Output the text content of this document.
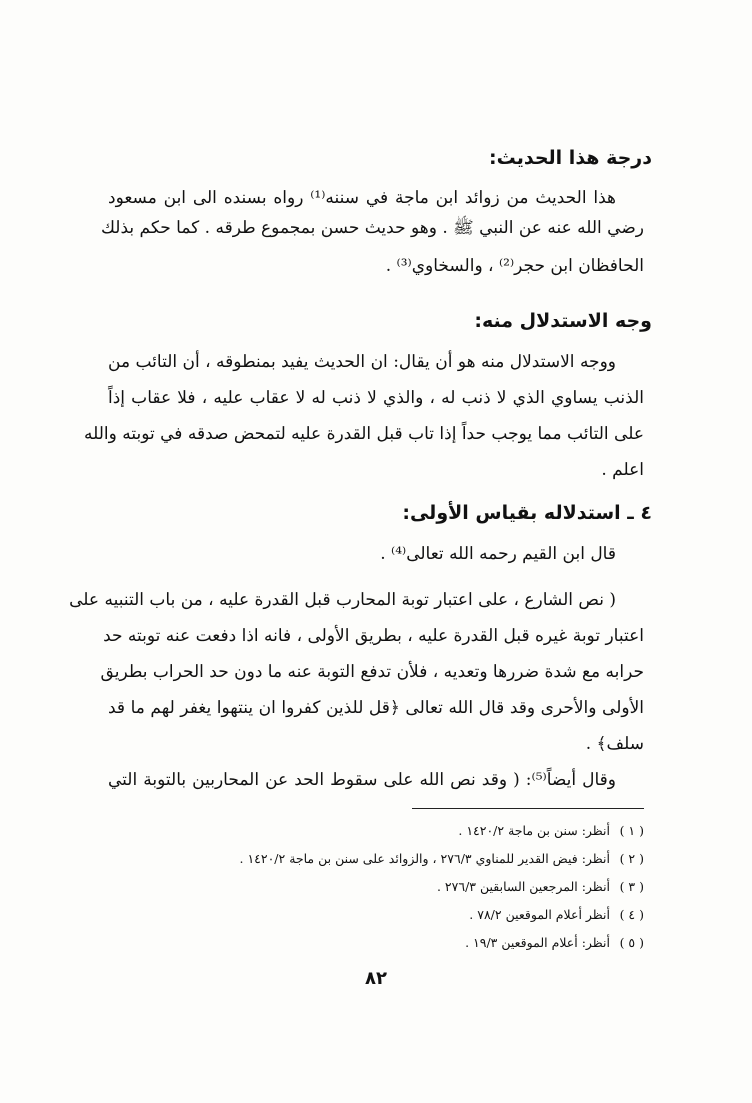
درجة هذا الحديث:
هذا الحديث من زوائد ابن ماجة في سننه⁽¹⁾ رواه بسنده الى ابن مسعود
رضي الله عنه عن النبي ﷺ . وهو حديث حسن بمجموع طرقه . كما حكم بذلك
الحافظان ابن حجر⁽²⁾ ، والسخاوي⁽³⁾ .
وجه الاستدلال منه:
ووجه الاستدلال منه هو أن يقال: ان الحديث يفيد بمنطوقه ، أن التائب من
الذنب يساوي الذي لا ذنب له ، والذي لا ذنب له لا عقاب عليه ، فلا عقاب إذاً
على التائب مما يوجب حداً إذا تاب قبل القدرة عليه لتمحض صدقه في توبته والله
اعلم .
٤ ـ استدلاله بقياس الأولى:
قال ابن القيم رحمه الله تعالى⁽⁴⁾ .
( نص الشارع ، على اعتبار توبة المحارب قبل القدرة عليه ، من باب التنبيه على
اعتبار توبة غيره قبل القدرة عليه ، بطريق الأولى ، فانه اذا دفعت عنه توبته حد
حرابه مع شدة ضررها وتعديه ، فلأن تدفع التوبة عنه ما دون حد الحراب بطريق
الأولى والأحرى وقد قال الله تعالى ﴿قل للذين كفروا ان ينتهوا يغفر لهم ما قد
سلف﴾ .
وقال أيضاً⁽⁵⁾: ( وقد نص الله على سقوط الحد عن المحاربين بالتوبة التي
( ١ ) أنظر: سنن بن ماجة ١٤٢٠/٢ .
( ٢ ) أنظر: فيض القدير للمناوي ٢٧٦/٣ ، والزوائد على سنن بن ماجة ١٤٢٠/٢ .
( ٣ ) أنظر: المرجعين السابقين ٢٧٦/٣ .
( ٤ ) أنظر أعلام الموقعين ٧٨/٢ .
( ٥ ) أنظر: أعلام الموقعين ١٩/٣ .
٨٢
